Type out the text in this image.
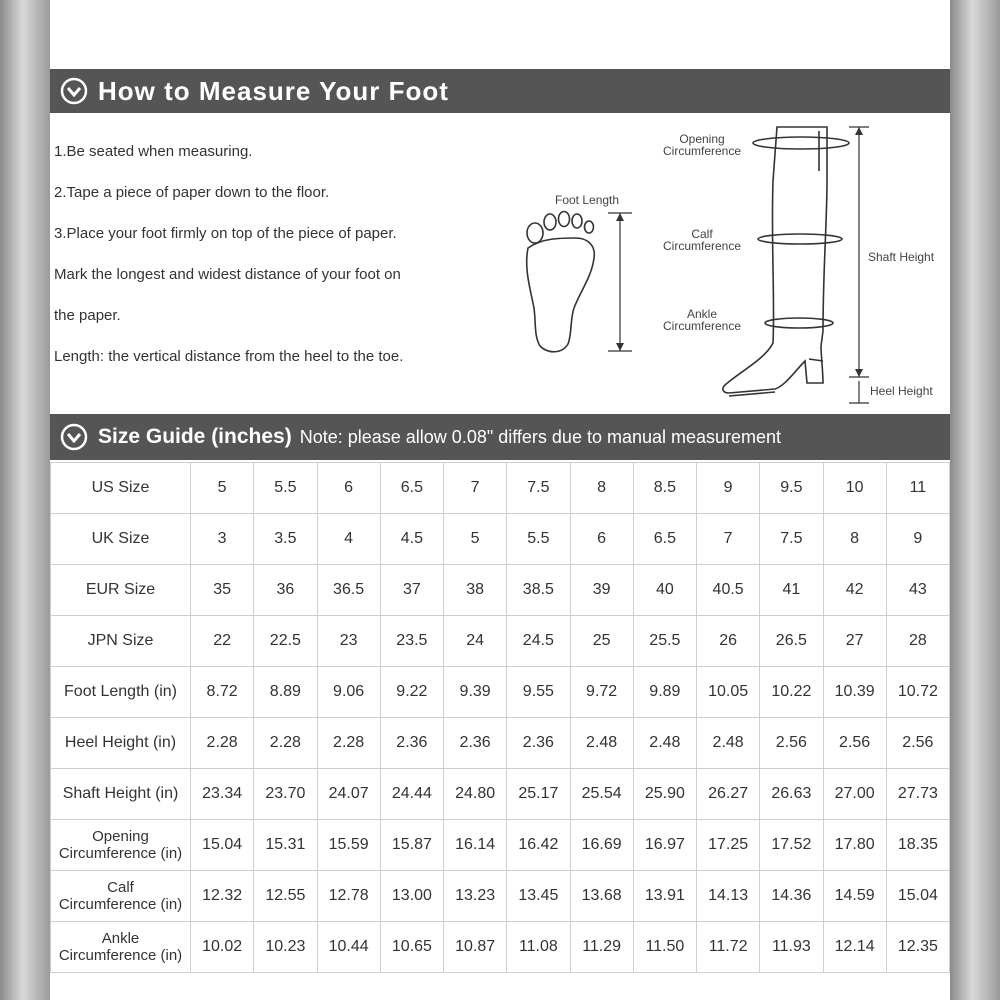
How to Measure Your Foot

1.Be seated when measuring.

2.Tape a piece of paper down to the floor.

3.Place your foot firmly on top of the piece of paper.

Mark the longest and widest distance of your foot on

the paper.

Length: the vertical distance from the heel to the toe.

Foot Length
Opening
Circumference
Calf
Circumference
Ankle
Circumference
Shaft Height
Heel Height
Size Guide (inches) Note: please allow 0.08" differs due to manual measurement
US Size	5	5.5	6	6.5	7	7.5	8	8.5	9	9.5	10	11
UK Size	3	3.5	4	4.5	5	5.5	6	6.5	7	7.5	8	9
EUR Size	35	36	36.5	37	38	38.5	39	40	40.5	41	42	43
JPN Size	22	22.5	23	23.5	24	24.5	25	25.5	26	26.5	27	28
Foot Length (in)	8.72	8.89	9.06	9.22	9.39	9.55	9.72	9.89	10.05	10.22	10.39	10.72
Heel Height (in)	2.28	2.28	2.28	2.36	2.36	2.36	2.48	2.48	2.48	2.56	2.56	2.56
Shaft Height (in)	23.34	23.70	24.07	24.44	24.80	25.17	25.54	25.90	26.27	26.63	27.00	27.73

Opening
Circumference (in)	15.04	15.31	15.59	15.87	16.14	16.42	16.69	16.97	17.25	17.52	17.80	18.35

Calf
Circumference (in)	12.32	12.55	12.78	13.00	13.23	13.45	13.68	13.91	14.13	14.36	14.59	15.04

Ankle
Circumference (in)	10.02	10.23	10.44	10.65	10.87	11.08	11.29	11.50	11.72	11.93	12.14	12.35
